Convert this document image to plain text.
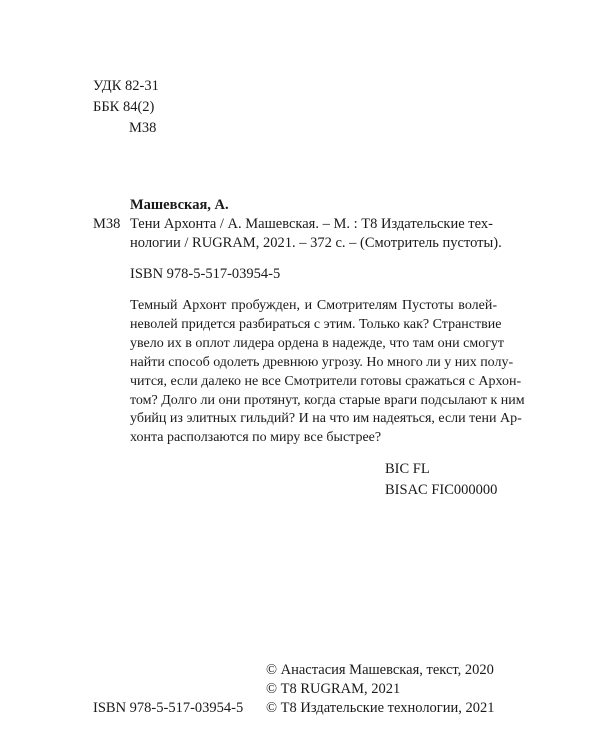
УДК 82-31
ББК 84(2)
М38
Машевская, А.
М38 Тени Архонта / А. Машевская. – М. : Т8 Издательские тех-
нологии / RUGRAM, 2021. – 372 с. – (Смотритель пустоты).
ISBN 978-5-517-03954-5
Темный Архонт пробужден, и Смотрителям Пустоты волей-
неволей придется разбираться с этим. Только как? Странствие
увело их в оплот лидера ордена в надежде, что там они смогут
найти способ одолеть древнюю угрозу. Но много ли у них полу-
чится, если далеко не все Смотрители готовы сражаться с Архон-
том? Долго ли они протянут, когда старые враги подсылают к ним
убийц из элитных гильдий? И на что им надеяться, если тени Ар-
хонта расползаются по миру все быстрее?
BIC FL
BISAC FIC000000
© Анастасия Машевская, текст, 2020
© Т8 RUGRAM, 2021
© Т8 Издательские технологии, 2021
ISBN 978-5-517-03954-5
